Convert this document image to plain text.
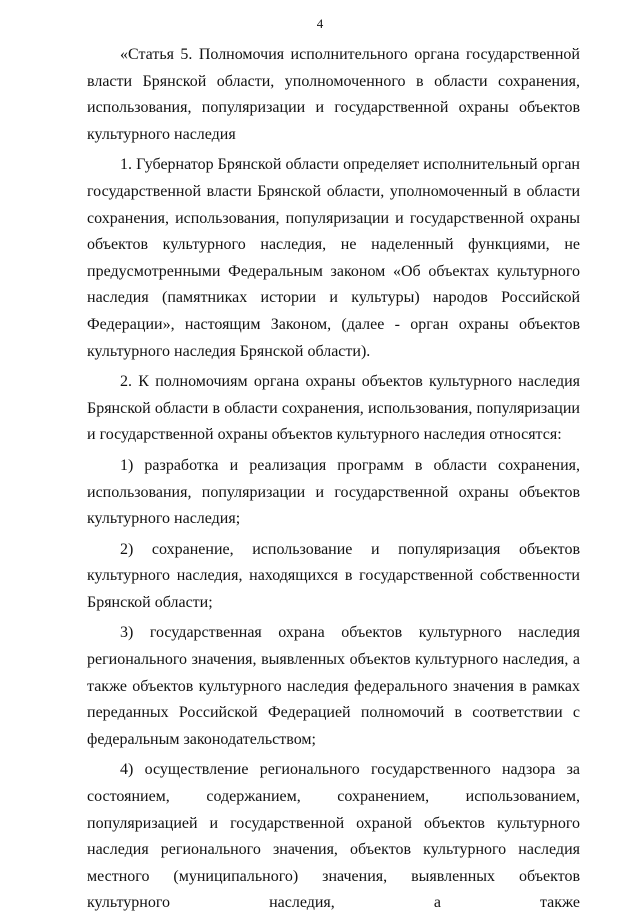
4

«Статья 5. Полномочия исполнительного органа государственной власти Брянской области, уполномоченного в области сохранения, использования, популяризации и государственной охраны объектов культурного наследия

1. Губернатор Брянской области определяет исполнительный орган государственной власти Брянской области, уполномоченный в области сохранения, использования, популяризации и государственной охраны объектов культурного наследия, не наделенный функциями, не предусмотренными Федеральным законом «Об объектах культурного наследия (памятниках истории и культуры) народов Российской Федерации», настоящим Законом, (далее - орган охраны объектов культурного наследия Брянской области).

2. К полномочиям органа охраны объектов культурного наследия Брянской области в области сохранения, использования, популяризации и государственной охраны объектов культурного наследия относятся:

1) разработка и реализация программ в области сохранения, использования, популяризации и государственной охраны объектов культурного наследия;

2) сохранение, использование и популяризация объектов культурного наследия, находящихся в государственной собственности Брянской области;

3) государственная охрана объектов культурного наследия регионального значения, выявленных объектов культурного наследия, а также объектов культурного наследия федерального значения в рамках переданных Российской Федерацией полномочий в соответствии с федеральным законодательством;

4) осуществление регионального государственного надзора за состоянием, содержанием, сохранением, использованием, популяризацией и государственной охраной объектов культурного наследия регионального значения, объектов культурного наследия местного (муниципального) значения, выявленных объектов культурного наследия, а также
